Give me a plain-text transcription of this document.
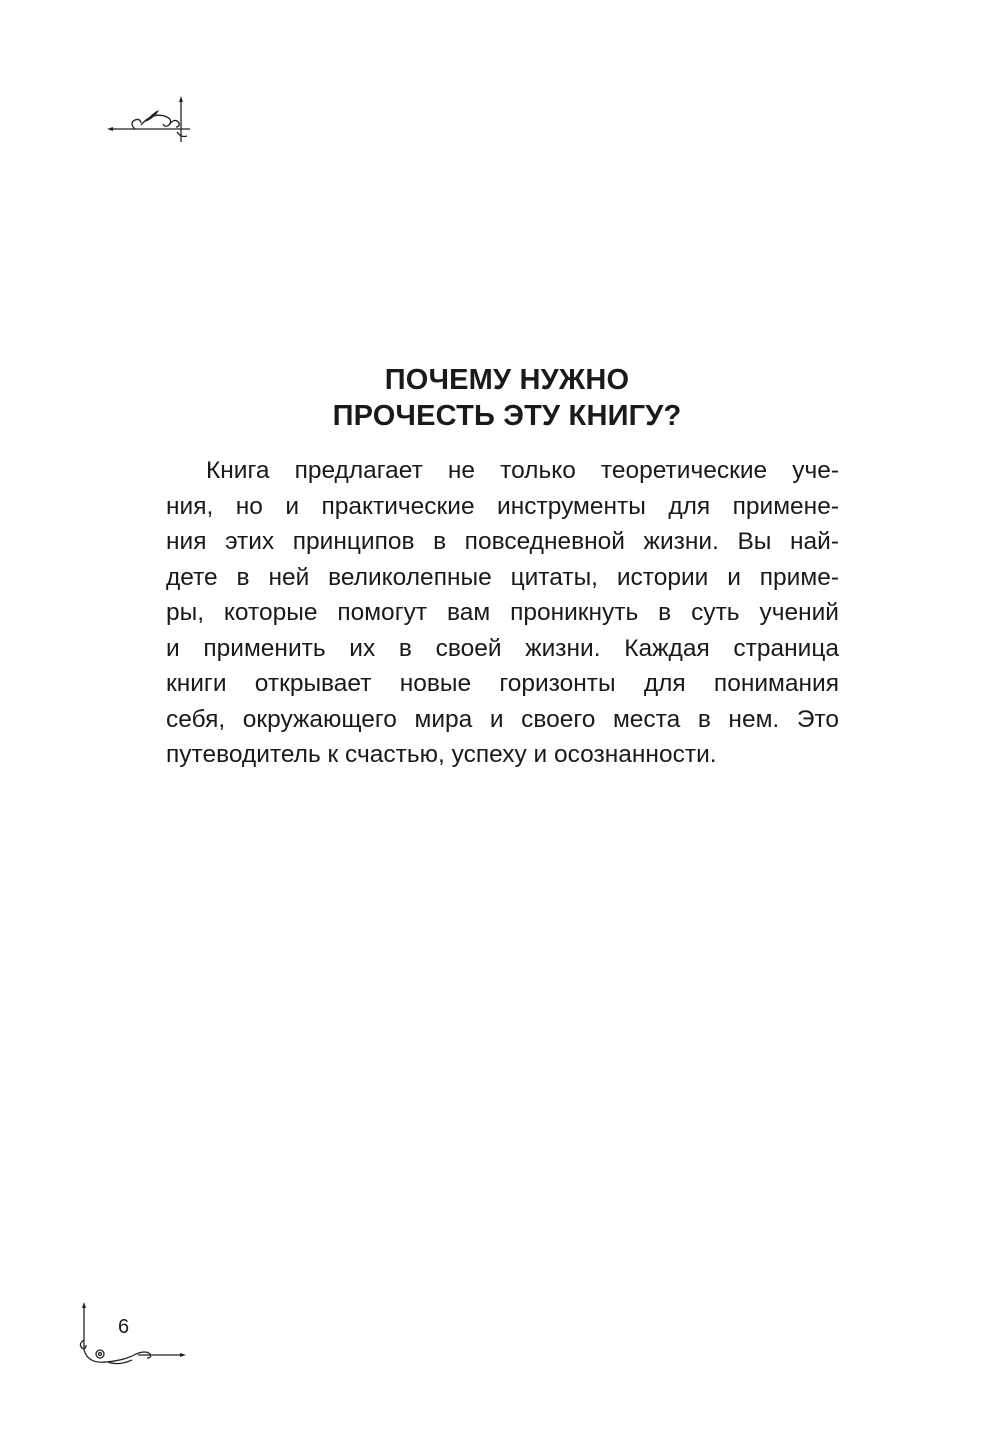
ПОЧЕМУ НУЖНО
ПРОЧЕСТЬ ЭТУ КНИГУ?
Книга предлагает не только теоретические уче-
ния, но и практические инструменты для примене-
ния этих принципов в повседневной жизни. Вы най-
дете в ней великолепные цитаты, истории и приме-
ры, которые помогут вам проникнуть в суть учений
и применить их в своей жизни. Каждая страница
книги открывает новые горизонты для понимания
себя, окружающего мира и своего места в нем. Это
путеводитель к счастью, успеху и осознанности.
6
